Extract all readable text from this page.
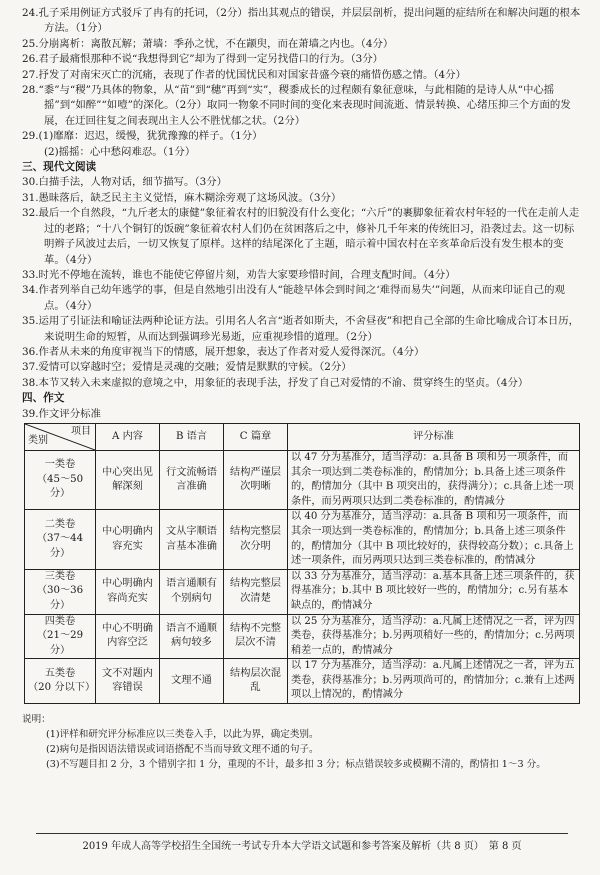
24.孔子采用例证方式驳斥了冉有的托词，（2分）指出其观点的错误，并层层剖析，提出问题的症结所在和解决问题的根本方法。（1分）

25.分崩离析：离散瓦解；萧墙：季孙之忧，不在颛臾，而在萧墙之内也。（4分）

26.君子最痛恨那种不说“我想得到它”却为了得到一定另找借口的行为。（3分）

27.抒发了对南宋灭亡的沉痛，表现了作者的忧国忧民和对国家昔盛今衰的痛惜伤感之情。（4分）

28.“黍”与“稷”乃具体的物象，从“苗”到“穗”再到“实”，稷黍成长的过程颇有象征意味，与此相随的是诗人从“中心摇摇”到“如醉”“如噎”的深化。（2分）取同一物象不同时间的变化来表现时间流逝、情景转换、心绪压抑三个方面的发展，在迂回往复之间表现出主人公不胜忧郁之状。（2分）

29.(1)靡靡：迟迟，缓慢，犹犹豫豫的样子。（1分）

(2)摇摇：心中愁闷难忍。（1分）

三、现代文阅读

30.白描手法，人物对话，细节描写。（3分）

31.愚昧落后，缺乏民主主义觉悟，麻木糊涂旁观了这场风波。（3分）

32.最后一个自然段，“九斤老太的康健”象征着农村的旧貌没有什么变化；“六斤”的裹脚象征着农村年轻的一代在走前人走过的老路；“十八个铜钉的饭碗”象征着农村人们仍在贫困落后之中，修补几千年来的传统旧习，沿袭过去。这一切标明辫子风波过去后，一切又恢复了原样。这样的结尾深化了主题，暗示着中国农村在辛亥革命后没有发生根本的变革。（4分）

33.时光不停地在流转，谁也不能使它停留片刻，劝告大家要珍惜时间，合理支配时间。（4分）

34.作者列举自己幼年逃学的事，但是自然地引出没有人“能趁早体会到时间之‘难得而易失’”问题，从而来印证自己的观点。（4分）

35.运用了引证法和喻证法两种论证方法。引用名人名言“逝者如斯夫，不舍昼夜”和把自己全部的生命比喻成合订本日历，来说明生命的短暂，从而达到强调珍光易逝，应重视珍惜的道理。（2分）

36.作者从未来的角度审视当下的情感，展开想象，表达了作者对爱人爱得深沉。（4分）

37.爱情可以穿越时空；爱情是灵魂的交融；爱情是默默的守候。（2分）

38.本节又转入未来虚拟的意境之中，用象征的表现手法，抒发了自己对爱情的不渝、贯穿终生的坚贞。（4分）

四、作文

39.作文评分标准

项目
类别	A 内容	B 语言	C 篇章	评分标准

一类卷
（45～50 分）	中心突出见解深刻	行文流畅语言准确	结构严谨层次明晰	以 47 分为基准分，适当浮动：a.具备 B 项和另一项条件，而其余一项达到二类卷标准的，酌情加分；b.具备上述三项条件的，酌情加分（其中 B 项突出的，获得满分）；c.具备上述一项条件，而另两项只达到二类卷标准的，酌情减分

二类卷
（37～44 分）	中心明确内容充实	文从字顺语言基本准确	结构完整层次分明	以 40 分为基准分，适当浮动：a.具备 B 项和另一项条件，而其余一项达到一类卷标准的，酌情加分；b.具备上述三项条件的，酌情加分（其中 B 项比较好的，获得较高分数）；c.具备上述一项条件，而另两项只达到三类卷标准的，酌情减分

三类卷
（30～36 分）	中心明确内容尚充实	语言通顺有个别病句	结构完整层次清楚	以 33 分为基准分，适当浮动：a.基本具备上述三项条件的，获得基准分；b.其中 B 项比较好一些的，酌情加分；c.另有基本缺点的，酌情减分

四类卷
（21～29 分）	中心不明确内容空泛	语言不通顺病句较多	结构不完整层次不清	以 25 分为基准分，适当浮动：a.凡属上述情况之一者，评为四类卷，获得基准分；b.另两项稍好一些的，酌情加分；c.另两项稍差一点的，酌情减分

五类卷
（20 分以下）	文不对题内容错误	文理不通	结构层次混乱	以 17 分为基准分，适当浮动：a.凡属上述情况之一者，评为五类卷，获得基准分；b.另两项尚可的，酌情加分；c.兼有上述两项以上情况的，酌情减分

说明：

(1)评样和研究评分标准应以三类卷入手，以此为界，确定类别。

(2)病句是指因语法错误或词语搭配不当而导致文理不通的句子。

(3)不写题目扣 2 分，3 个错别字扣 1 分，重现的不计，最多扣 3 分；标点错误较多或模糊不清的，酌情扣 1～3 分。

2019 年成人高等学校招生全国统一考试专升本大学语文试题和参考答案及解析（共 8 页）　第 8 页
